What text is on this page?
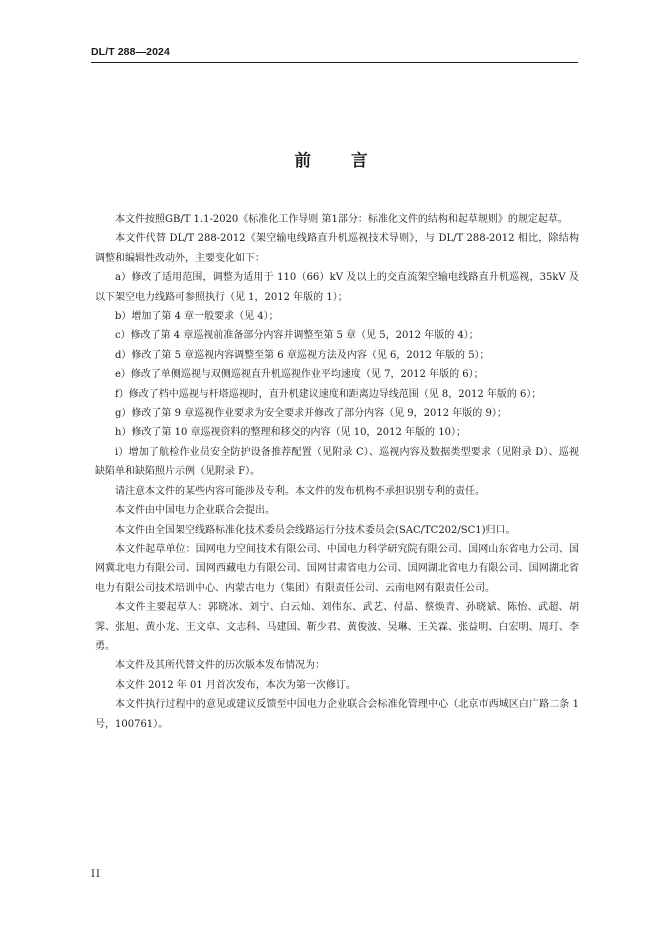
DL/T 288—2024
前 言

本文件按照GB/T 1.1-2020《标准化工作导则 第1部分：标准化文件的结构和起草规则》的规定起草。

本文件代替 DL/T 288-2012《架空输电线路直升机巡视技术导则》，与 DL/T 288-2012 相比，除结构调整和编辑性改动外，主要变化如下：

a）修改了适用范围，调整为适用于 110（66）kV 及以上的交直流架空输电线路直升机巡视，35kV 及以下架空电力线路可参照执行（见 1，2012 年版的 1）；

b）增加了第 4 章一般要求（见 4）；

c）修改了第 4 章巡视前准备部分内容并调整至第 5 章（见 5，2012 年版的 4）；

d）修改了第 5 章巡视内容调整至第 6 章巡视方法及内容（见 6，2012 年版的 5）；

e）修改了单侧巡视与双侧巡视直升机巡视作业平均速度（见 7，2012 年版的 6）；

f）修改了档中巡视与杆塔巡视时，直升机建议速度和距离边导线范围（见 8，2012 年版的 6）；

g）修改了第 9 章巡视作业要求为安全要求并修改了部分内容（见 9，2012 年版的 9）；

h）修改了第 10 章巡视资料的整理和移交的内容（见 10，2012 年版的 10）；

i）增加了航检作业员安全防护设备推荐配置（见附录 C）、巡视内容及数据类型要求（见附录 D）、巡视缺陷单和缺陷照片示例（见附录 F）。

请注意本文件的某些内容可能涉及专利。本文件的发布机构不承担识别专利的责任。

本文件由中国电力企业联合会提出。

本文件由全国架空线路标准化技术委员会线路运行分技术委员会(SAC/TC202/SC1)归口。

本文件起草单位：国网电力空间技术有限公司、中国电力科学研究院有限公司、国网山东省电力公司、国网冀北电力有限公司、国网西藏电力有限公司、国网甘肃省电力公司、国网湖北省电力有限公司、国网湖北省电力有限公司技术培训中心、内蒙古电力（集团）有限责任公司、云南电网有限责任公司。

本文件主要起草人：郭晓冰、刘宁、白云灿、刘伟东、武艺、付晶、蔡焕青、孙晓斌、陈怡、武超、胡霁、张旭、黄小龙、王文卓、文志科、马建国、靳少君、黄俊波、吴琳、王关霖、张益明、白宏明、周玎、李勇。

本文件及其所代替文件的历次版本发布情况为：

本文件 2012 年 01 月首次发布，本次为第一次修订。

本文件执行过程中的意见或建议反馈至中国电力企业联合会标准化管理中心（北京市西城区白广路二条 1 号，100761）。

II
